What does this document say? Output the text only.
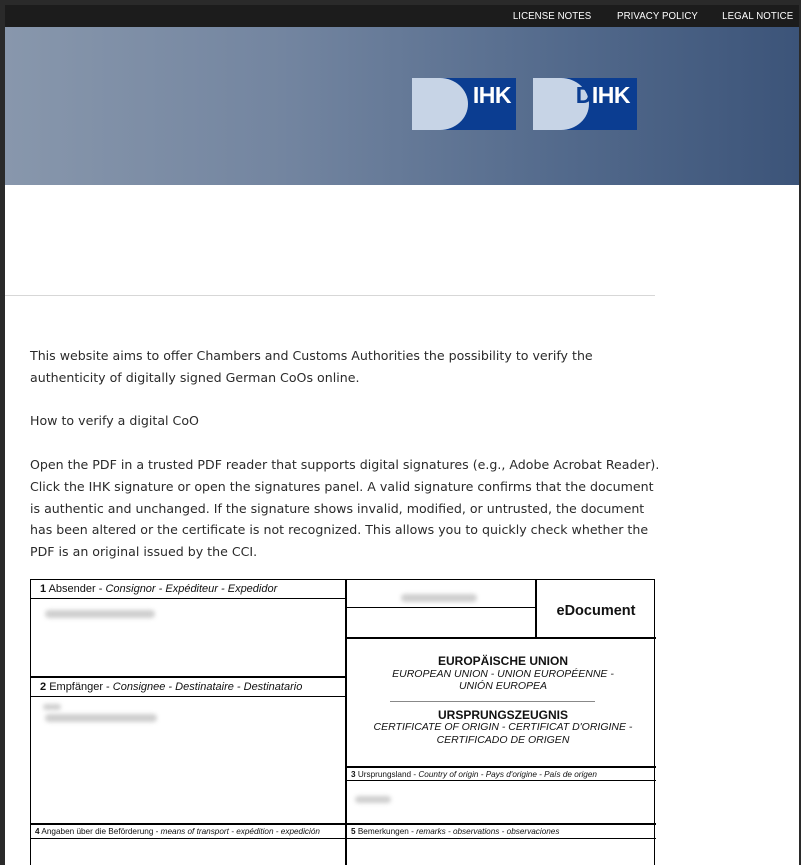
LICENSE NOTES PRIVACY POLICY LEGAL NOTICE
IHK	DIHK

This website aims to offer Chambers and Customs Authorities the possibility to verify the authenticity of digitally signed German CoOs online.

How to verify a digital CoO

Open the PDF in a trusted PDF reader that supports digital signatures (e.g., Adobe Acrobat Reader). Click the IHK signature or open the signatures panel. A valid signature confirms that the document is authentic and unchanged. If the signature shows invalid, modified, or untrusted, the document has been altered or the certificate is not recognized. This allows you to quickly check whether the PDF is an original issued by the CCI.

1 Absender - Consignor - Expéditeur - Expedidor
2 Empfänger - Consignee - Destinataire - Destinatario
eDocument
EUROPÄISCHE UNION
EUROPEAN UNION - UNION EUROPÉENNE -
UNIÓN EUROPEA
URSPRUNGSZEUGNIS
CERTIFICATE OF ORIGIN - CERTIFICAT D'ORIGINE -
CERTIFICADO DE ORIGEN
3 Ursprungsland - Country of origin - Pays d'origine - País de origen
4 Angaben über die Beförderung - means of transport - expédition - expedición	5 Bemerkungen - remarks - observations - observaciones
